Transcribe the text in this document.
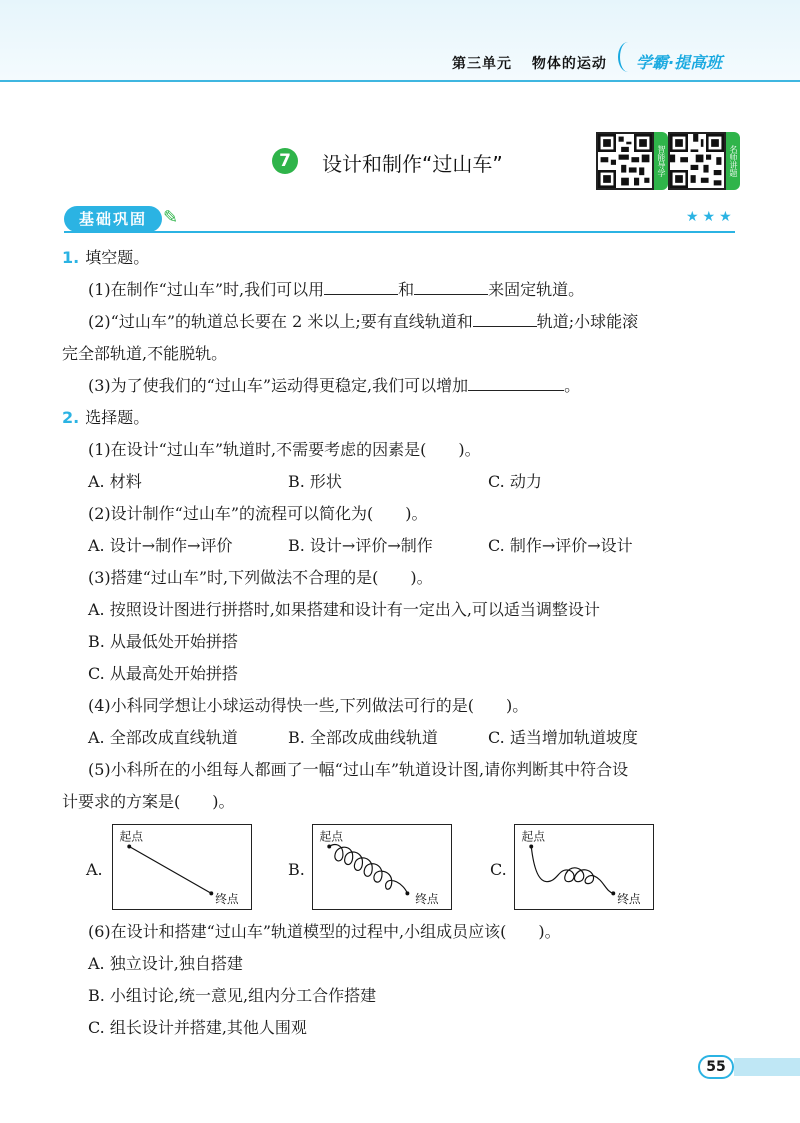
第三单元 物体的运动	学霸·提高班
7	设计和制作“过山车”	智能导学	名师讲题
基础巩固 ✎	★★★
1. 填空题。
(1)在制作“过山车”时,我们可以用	和	来固定轨道。
(2)“过山车”的轨道总长要在 2 米以上;要有直线轨道和	轨道;小球能滚
完全部轨道,不能脱轨。
(3)为了使我们的“过山车”运动得更稳定,我们可以增加	。
2. 选择题。
(1)在设计“过山车”轨道时,不需要考虑的因素是(　　)。
A. 材料	B. 形状	C. 动力
(2)设计制作“过山车”的流程可以简化为(　　)。
A. 设计→制作→评价	B. 设计→评价→制作	C. 制作→评价→设计
(3)搭建“过山车”时,下列做法不合理的是(　　)。
A. 按照设计图进行拼搭时,如果搭建和设计有一定出入,可以适当调整设计
B. 从最低处开始拼搭
C. 从最高处开始拼搭
(4)小科同学想让小球运动得快一些,下列做法可行的是(　　)。
A. 全部改成直线轨道	B. 全部改成曲线轨道	C. 适当增加轨道坡度
(5)小科所在的小组每人都画了一幅“过山车”轨道设计图,请你判断其中符合设
计要求的方案是(　　)。
A.
起点
终点
B.
起点
终点
C.
起点
终点
(6)在设计和搭建“过山车”轨道模型的过程中,小组成员应该(　　)。
A. 独立设计,独自搭建
B. 小组讨论,统一意见,组内分工合作搭建
C. 组长设计并搭建,其他人围观
55
